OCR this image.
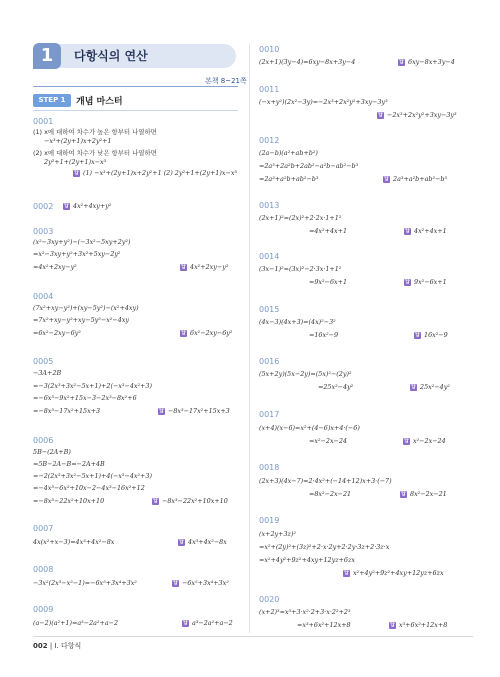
1	다항식의 연산
본책 8~21쪽
STEP 1	개념 마스터
0001
(1) x에 대하여 차수가 높은 항부터 나열하면
−x³+(2y+1)x+2y²+1
(2) x에 대하여 차수가 낮은 항부터 나열하면
2y²+1+(2y+1)x−x³
답 (1) −x³+(2y+1)x+2y²+1 (2) 2y²+1+(2y+1)x−x³
0002 답 4x²+4xy+y²
0003
(x²−3xy+y²)−(−3x²−5xy+2y²)
=x²−3xy+y²+3x²+5xy−2y²
=4x²+2xy−y²	답 4x²+2xy−y²
0004
(7x²+xy−y²)+(xy−5y²)−(x²+4xy)
=7x²+xy−y²+xy−5y²−x²−4xy
=6x²−2xy−6y²	답 6x²−2xy−6y²
0005
−3A+2B
=−3(2x³+3x²−5x+1)+2(−x³−4x²+3)
=−6x³−9x²+15x−3−2x³−8x²+6
=−8x³−17x²+15x+3	답 −8x³−17x²+15x+3
0006
5B−(2A+B)
=5B−2A−B=−2A+4B
=−2(2x³+3x²−5x+1)+4(−x³−4x²+3)
=−4x³−6x²+10x−2−4x³−16x²+12
=−8x³−22x²+10x+10	답 −8x³−22x²+10x+10
0007
4x(x²+x−3)=4x³+4x²−8x	답 4x³+4x²−8x
0008
−3x²(2x³−x²−1)=−6x⁵+3x⁴+3x²	답 −6x⁵+3x⁴+3x²
0009
(a−2)(a²+1)=a³−2a²+a−2	답 a³−2a²+a−2
0010
(2x+1)(3y−4)=6xy−8x+3y−4	답 6xy−8x+3y−4
0011
(−x+y²)(2x²−3y)=−2x³+2x²y²+3xy−3y³
답 −2x³+2x²y²+3xy−3y³
0012
(2a−b)(a²+ab+b²)
=2a³+2a²b+2ab²−a²b−ab²−b³
=2a³+a²b+ab²−b³	답 2a³+a²b+ab²−b³
0013
(2x+1)²=(2x)²+2·2x·1+1²
=4x²+4x+1	답 4x²+4x+1
0014
(3x−1)²=(3x)²−2·3x·1+1²
=9x²−6x+1	답 9x²−6x+1
0015
(4x−3)(4x+3)=(4x)²−3²
=16x²−9	답 16x²−9
0016
(5x+2y)(5x−2y)=(5x)²−(2y)²
=25x²−4y²	답 25x²−4y²
0017
(x+4)(x−6)=x²+(4−6)x+4·(−6)
=x²−2x−24	답 x²−2x−24
0018
(2x+3)(4x−7)=2·4x²+(−14+12)x+3·(−7)
=8x²−2x−21	답 8x²−2x−21
0019
(x+2y+3z)²
=x²+(2y)²+(3z)²+2·x·2y+2·2y·3z+2·3z·x
=x²+4y²+9z²+4xy+12yz+6zx
답 x²+4y²+9z²+4xy+12yz+6zx
0020
(x+2)³=x³+3·x²·2+3·x·2²+2³
=x³+6x²+12x+8	답 x³+6x²+12x+8
002 | Ⅰ. 다항식
